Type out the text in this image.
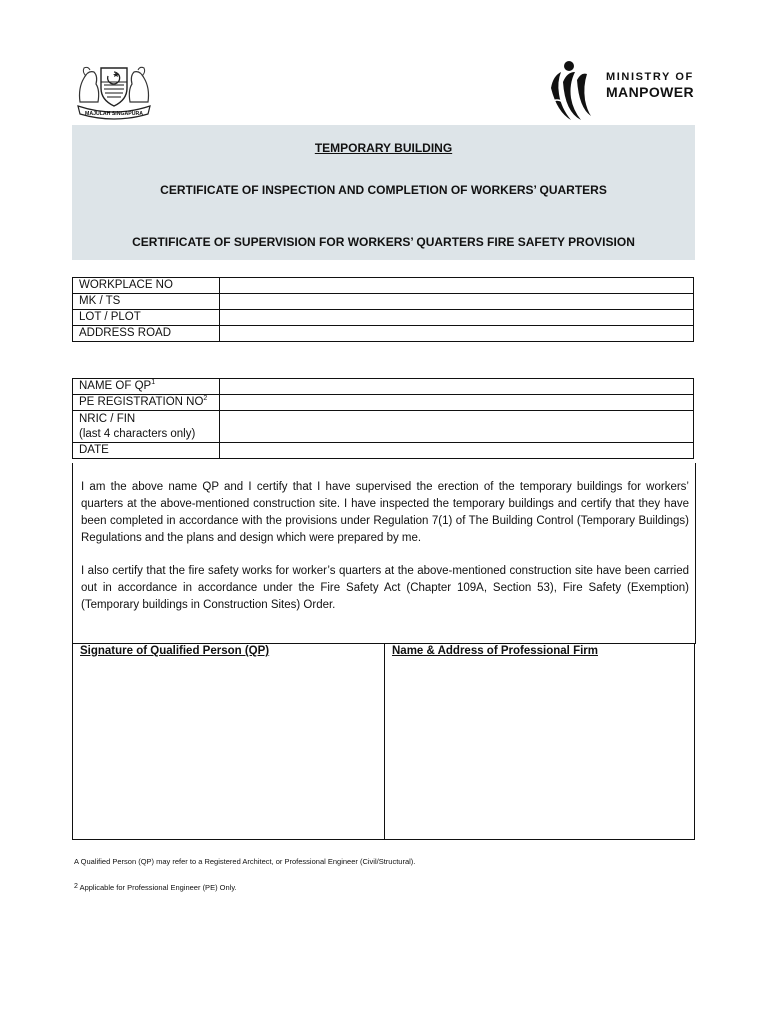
MAJULAH SINGAPURA
MINISTRY OF
MANPOWER
TEMPORARY BUILDING
CERTIFICATE OF INSPECTION AND COMPLETION OF WORKERS’ QUARTERS
CERTIFICATE OF SUPERVISION FOR WORKERS’ QUARTERS FIRE SAFETY PROVISION
WORKPLACE NO	
MK / TS	
LOT / PLOT	
ADDRESS ROAD	
NAME OF $QP^1$	
PE REGISTRATION $NO^2$	

NRIC / FIN
(last 4 characters only)	

DATE	

I am the above name QP and I certify that I have supervised the erection of the temporary buildings for workers’ quarters at the above-mentioned construction site. I have inspected the temporary buildings and certify that they have been completed in accordance with the provisions under Regulation 7(1) of The Building Control (Temporary Buildings) Regulations and the plans and design which were prepared by me.

I also certify that the fire safety works for worker’s quarters at the above-mentioned construction site have been carried out in accordance in accordance under the Fire Safety Act (Chapter 109A, Section 53), Fire Safety (Exemption) (Temporary buildings in Construction Sites) Order.

Signature of Qualified Person (QP)	Name & Address of Professional Firm
A Qualified Person (QP) may refer to a Registered Architect, or Professional Engineer (Civil/Structural).
$^2$ Applicable for Professional Engineer (PE) Only.
